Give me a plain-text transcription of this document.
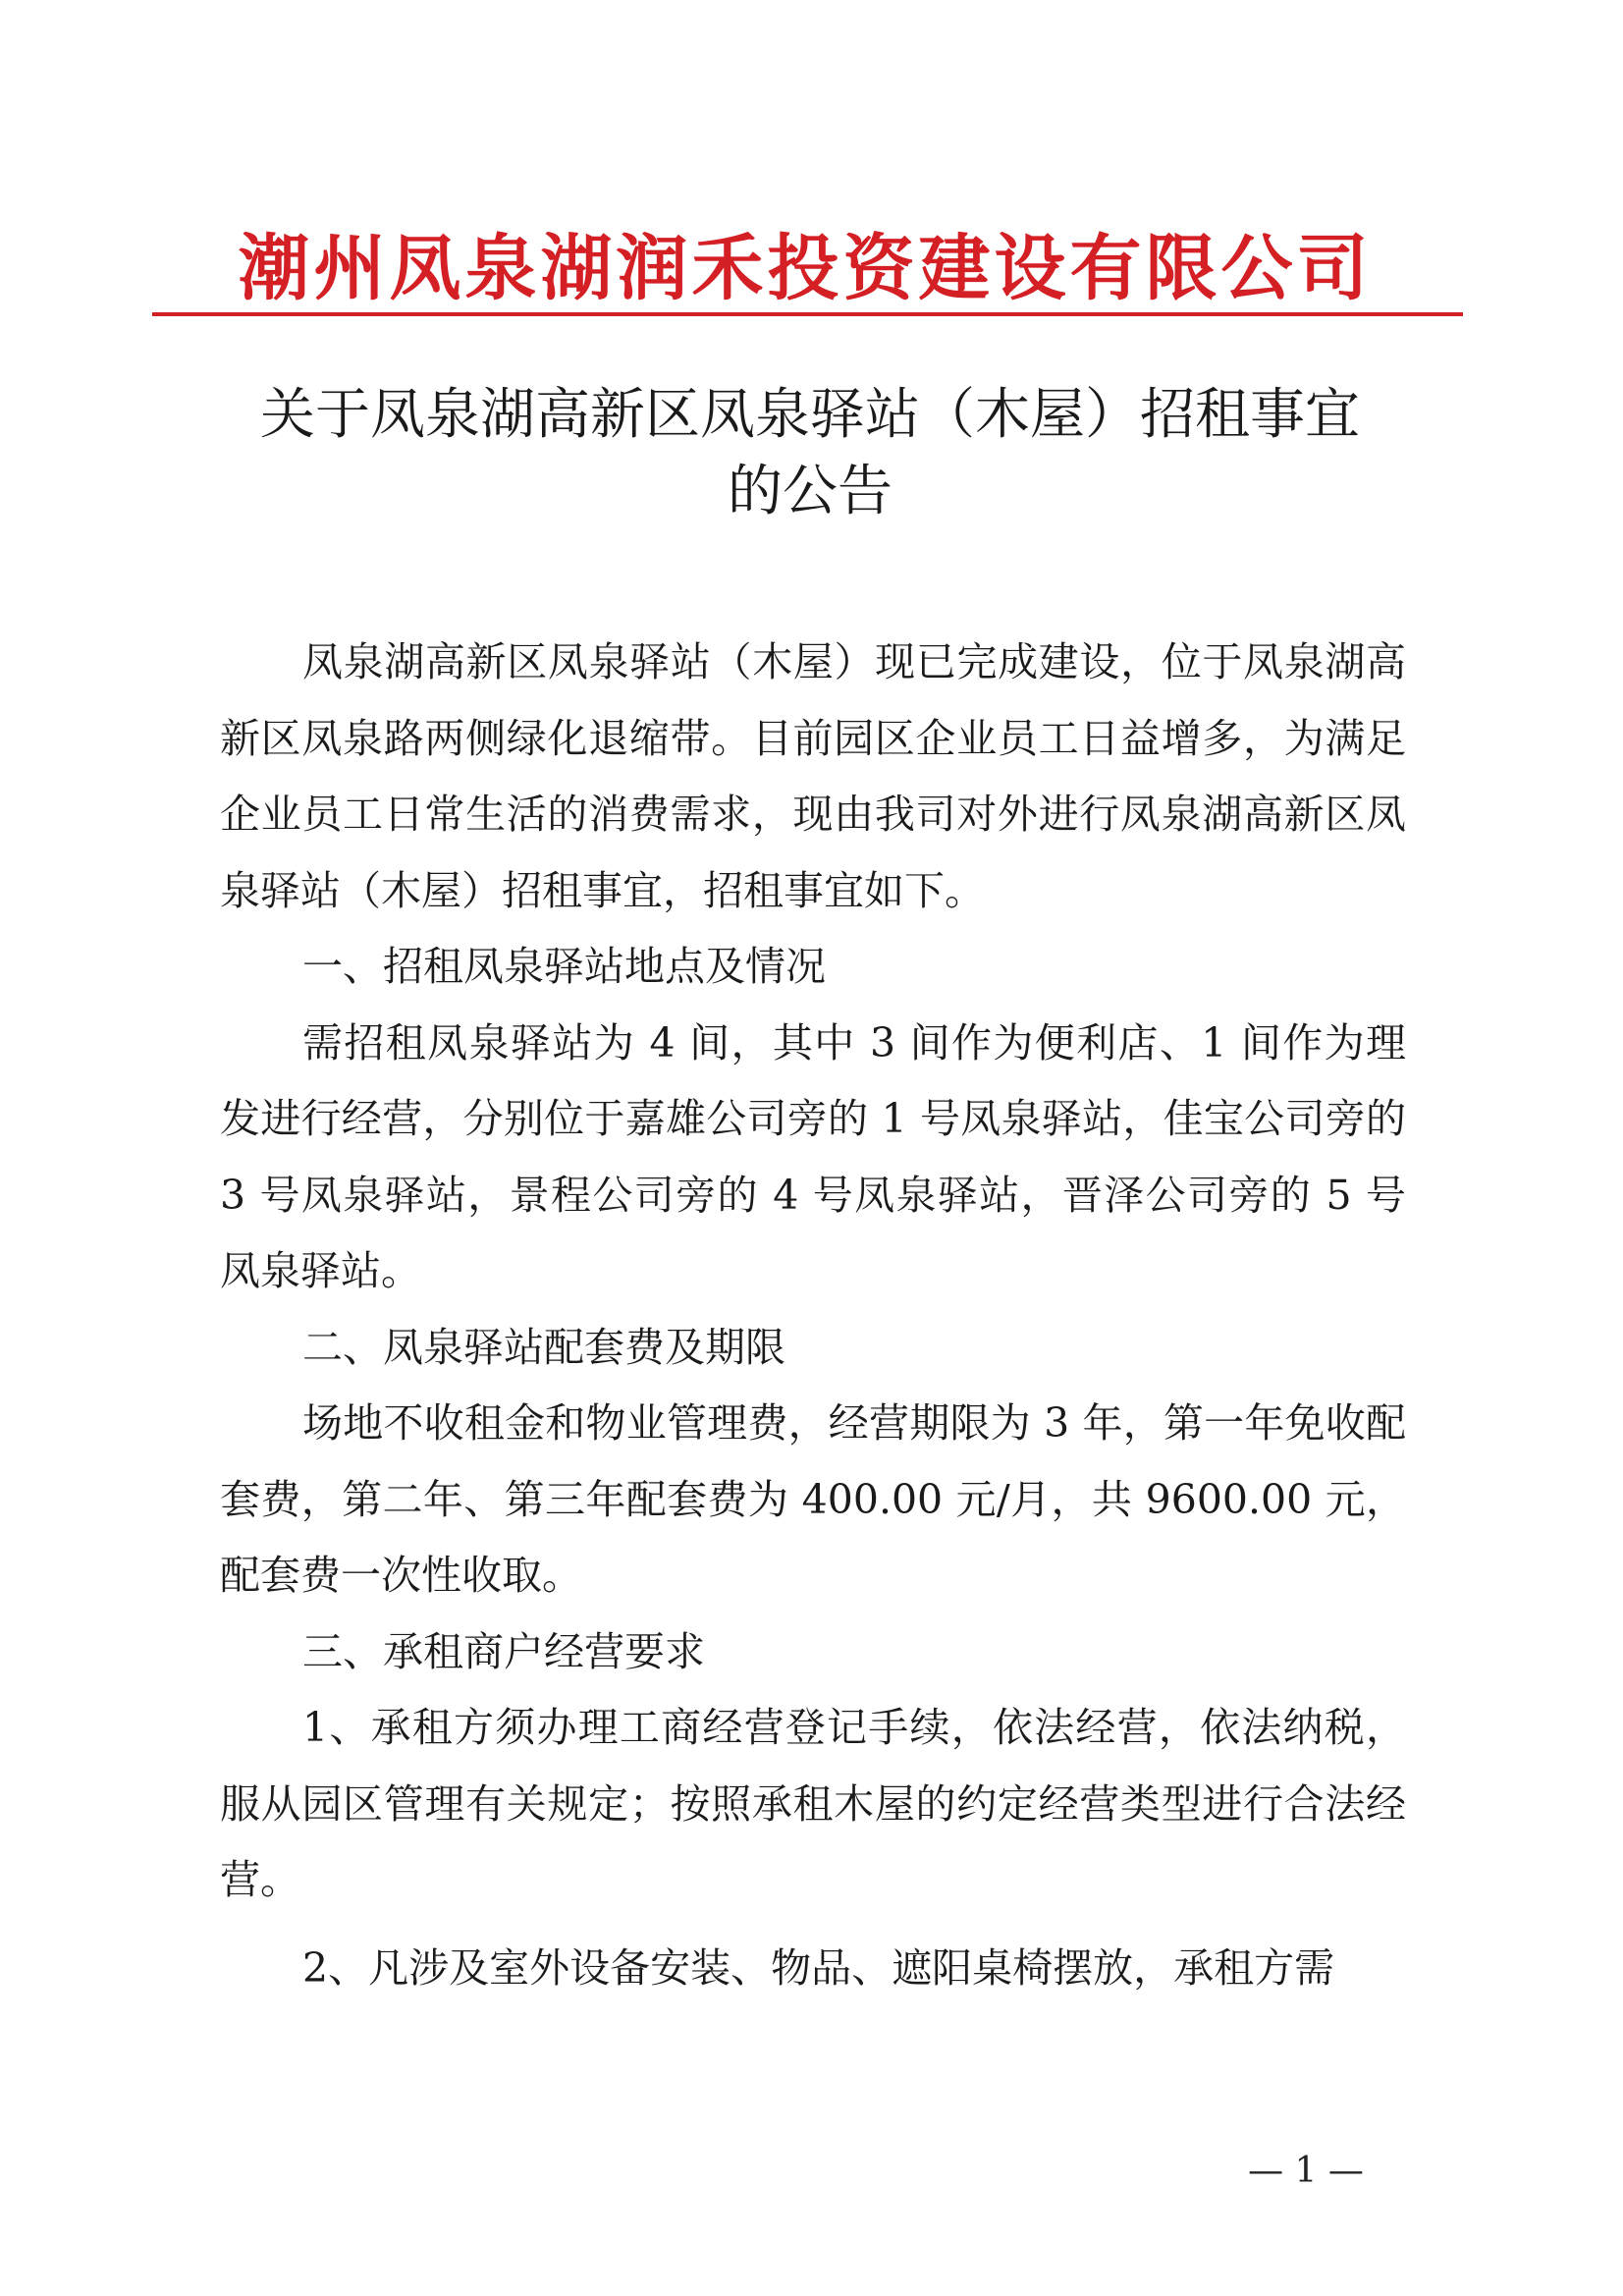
潮州凤泉湖润禾投资建设有限公司
关于凤泉湖高新区凤泉驿站（木屋）招租事宜
的公告

凤泉湖高新区凤泉驿站（木屋）现已完成建设，位于凤泉湖高新区凤泉路两侧绿化退缩带。目前园区企业员工日益增多，为满足企业员工日常生活的消费需求，现由我司对外进行凤泉湖高新区凤泉驿站（木屋）招租事宜，招租事宜如下。

一、招租凤泉驿站地点及情况

需招租凤泉驿站为 4 间，其中 3 间作为便利店、1 间作为理发进行经营，分别位于嘉雄公司旁的 1 号凤泉驿站，佳宝公司旁的 3 号凤泉驿站，景程公司旁的 4 号凤泉驿站，晋泽公司旁的 5 号凤泉驿站。

二、凤泉驿站配套费及期限

场地不收租金和物业管理费，经营期限为 3 年，第一年免收配套费，第二年、第三年配套费为 400.00 元/月，共 9600.00 元，配套费一次性收取。

三、承租商户经营要求

1、承租方须办理工商经营登记手续，依法经营，依法纳税，服从园区管理有关规定；按照承租木屋的约定经营类型进行合法经营。

2、凡涉及室外设备安装、物品、遮阳桌椅摆放，承租方需

— 1 —
